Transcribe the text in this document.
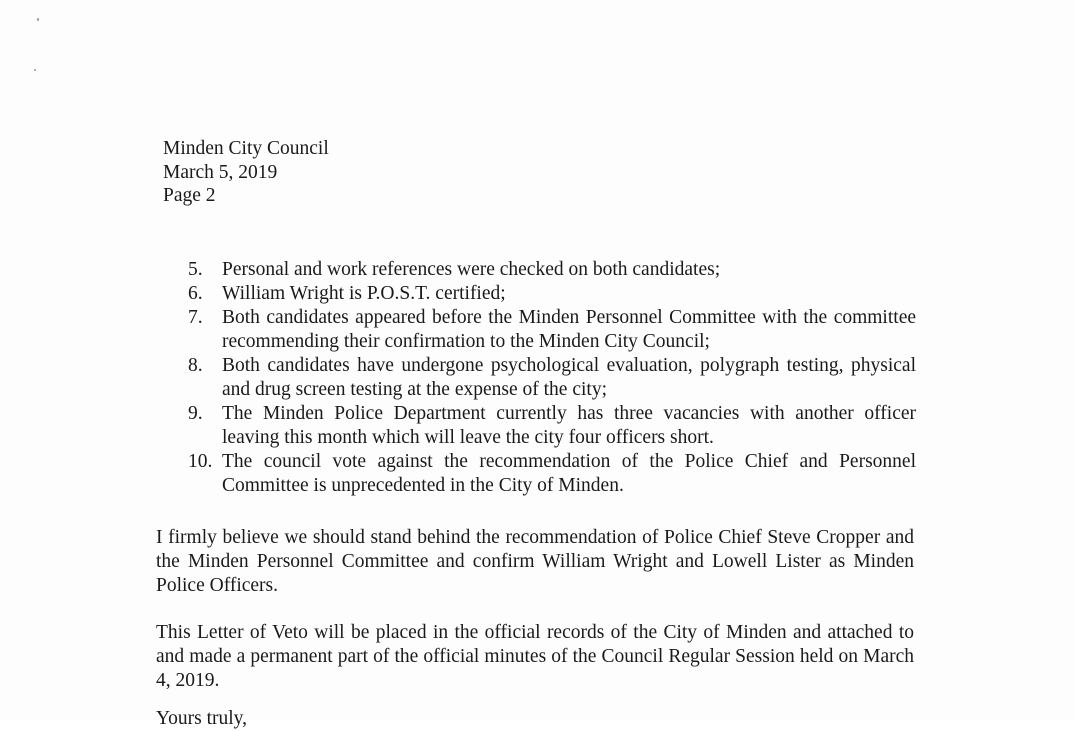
Minden City Council
March 5, 2019
Page 2
5. Personal and work references were checked on both candidates;
6. William Wright is P.O.S.T. certified;
7. Both candidates appeared before the Minden Personnel Committee with the committee recommending their confirmation to the Minden City Council;
8. Both candidates have undergone psychological evaluation, polygraph testing, physical and drug screen testing at the expense of the city;
9. The Minden Police Department currently has three vacancies with another officer leaving this month which will leave the city four officers short.
10. The council vote against the recommendation of the Police Chief and Personnel Committee is unprecedented in the City of Minden.
I firmly believe we should stand behind the recommendation of Police Chief Steve Cropper and the Minden Personnel Committee and confirm William Wright and Lowell Lister as Minden Police Officers.
This Letter of Veto will be placed in the official records of the City of Minden and attached to and made a permanent part of the official minutes of the Council Regular Session held on March 4, 2019.
Yours truly,
